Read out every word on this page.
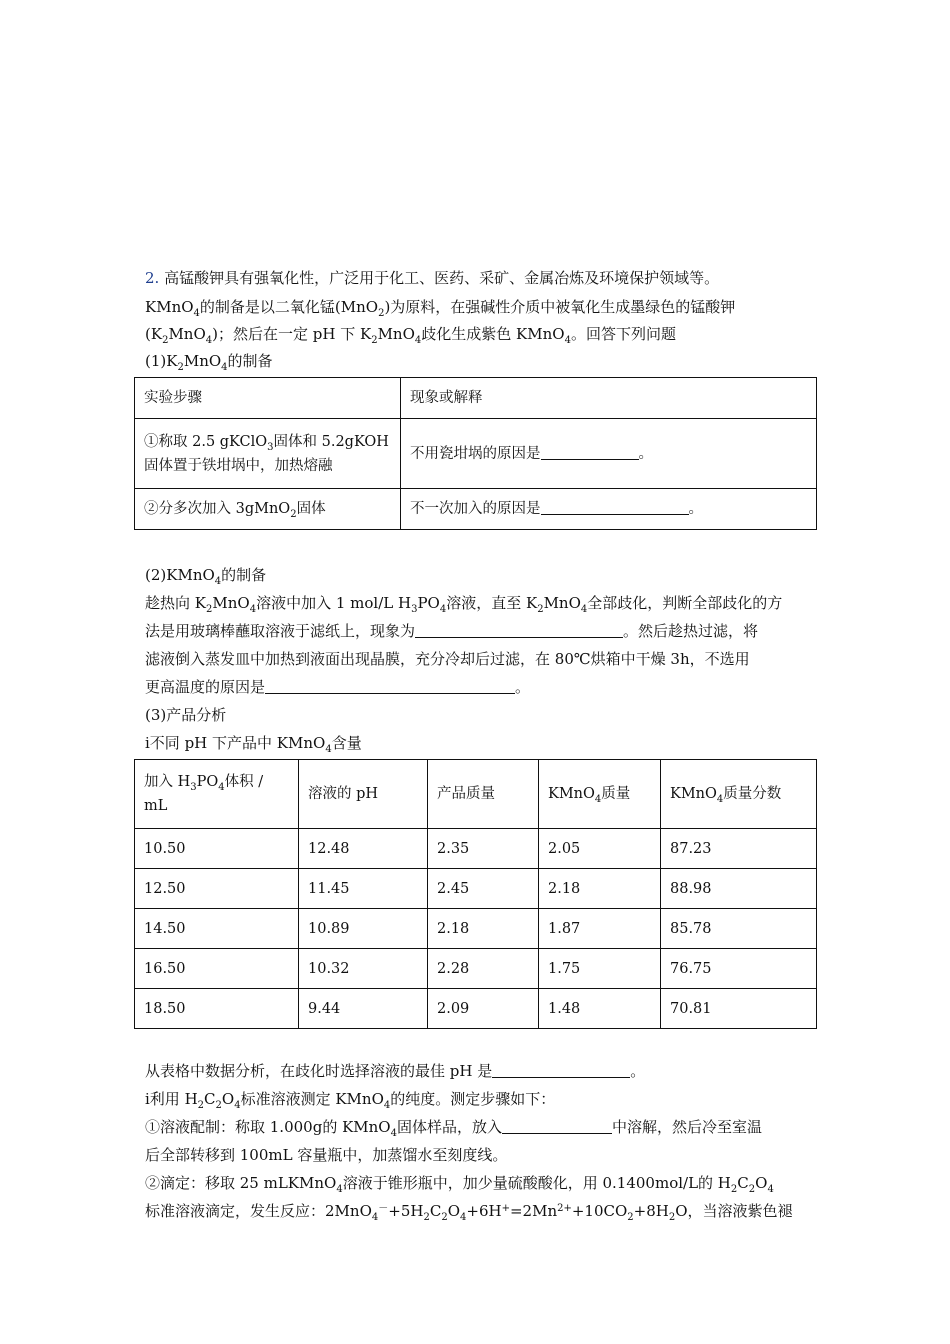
2. 高锰酸钾具有强氧化性，广泛用于化工、医药、采矿、金属冶炼及环境保护领域等。
KMnO$_4$的制备是以二氧化锰(MnO$_2$)为原料，在强碱性介质中被氧化生成墨绿色的锰酸钾
$(K_2MnO_4)$；然后在一定 pH 下 $K_2MnO_4$歧化生成紫色 KMnO$_4$。回答下列问题
$(1)K_2MnO_4$的制备
实验步骤	现象或解释
①称取 2.5 gKClO$_3$固体和 5.2gKOH
固体置于铁坩埚中，加热熔融	不用瓷坩埚的原因是 。
②分多次加入 3gMnO$_2$固体	不一次加入的原因是 。
(2)KMnO$_4$的制备
趁热向 $K_2MnO_4$溶液中加入 1 mol/L $H_3PO_4$溶液，直至 $K_2MnO_4$全部歧化，判断全部歧化的方
法是用玻璃棒蘸取溶液于滤纸上，现象为	。然后趁热过滤，将
滤液倒入蒸发皿中加热到液面出现晶膜，充分冷却后过滤，在 80℃烘箱中干燥 3h，不选用
更高温度的原因是	。
(3)产品分析
i不同 pH 下产品中 KMnO$_4$含量
加入 $H_3PO_4$体积 /
mL	溶液的 pH	产品质量	KMnO$_4$质量	KMnO$_4$质量分数
10.50	12.48	2.35	2.05	87.23
12.50	11.45	2.45	2.18	88.98
14.50	10.89	2.18	1.87	85.78
16.50	10.32	2.28	1.75	76.75
18.50	9.44	2.09	1.48	70.81
从表格中数据分析，在歧化时选择溶液的最佳 pH 是	。
i利用 $H_2C_2O_4$标准溶液测定 KMnO$_4$的纯度。测定步骤如下：
①溶液配制：称取 1.000g的 KMnO$_4$固体样品，放入	中溶解，然后冷至室温
后全部转移到 100mL 容量瓶中，加蒸馏水至刻度线。
②滴定：移取 25 mLKMnO$_4$溶液于锥形瓶中，加少量硫酸酸化，用 0.1400mol/L的 $H_2C_2O_4$
标准溶液滴定，发生反应：$2MnO_4^-+5H_2C_2O_4+6H^+=2Mn^{2+}+10CO_2+8H_2O$，当溶液紫色褪
